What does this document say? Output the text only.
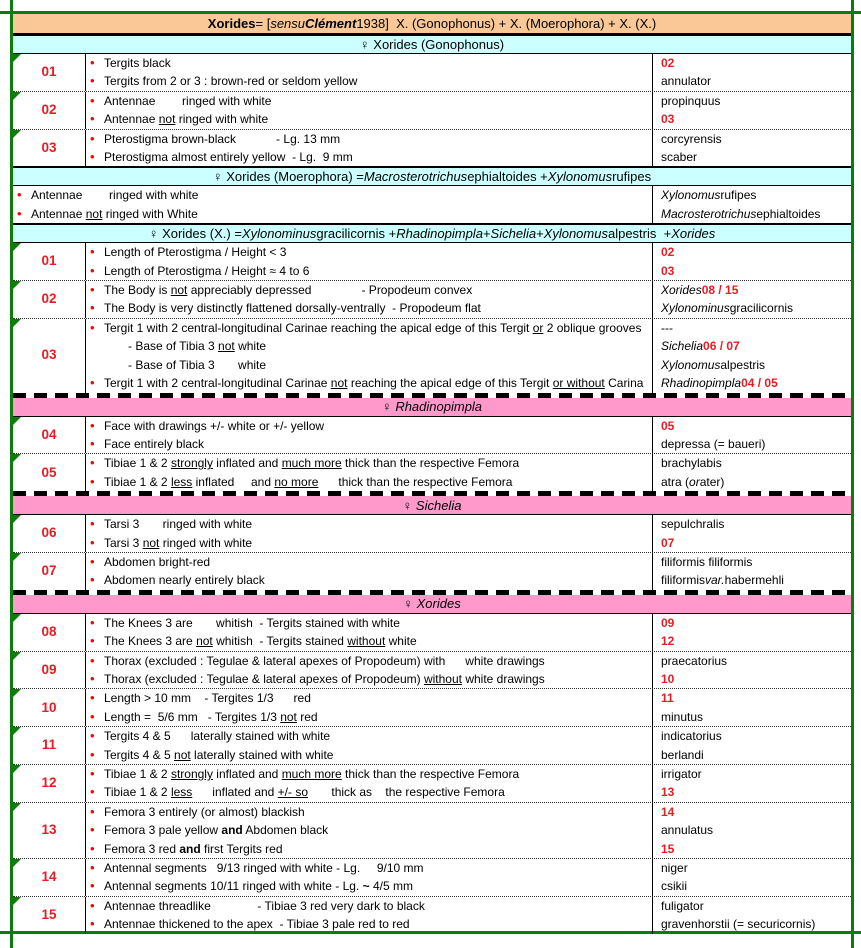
Xorides = [ sensu Clément 1938]  X. (Gonophonus) + X. (Moerophora) + X. (X.)
♀ Xorides (Gonophonus)
01
• Tergits black
• Tergits from 2 or 3 : brown-red or seldom yellow
02
annulator
02
• Antennae        ringed with white
• Antennae not ringed with white
propinquus
03
03
• Pterostigma brown-black            - Lg. 13 mm
• Pterostigma almost entirely yellow  - Lg.  9 mm
corcyrensis
scaber
♀ Xorides (Moerophora) = Macrosterotrichus ephialtoides + Xylonomus rufipes
• Antennae        ringed with white
• Antennae not ringed with White
Xylonomus rufipes
Macrosterotrichus ephialtoides
♀ Xorides (X.) = Xylonominus gracilicornis + Rhadinopimpla + Sichelia + Xylonomus alpestris  + Xorides
01
• Length of Pterostigma / Height < 3
• Length of Pterostigma / Height ≈ 4 to 6
02
03
02
• The Body is not appreciably depressed               - Propodeum convex
• The Body is very distinctly flattened dorsally-ventrally  - Propodeum flat
Xorides 08 / 15
Xylonominus gracilicornis
03
• Tergit 1 with 2 central-longitudinal Carinae reaching the apical edge of this Tergit or 2 oblique grooves
- Base of Tibia 3 not white
- Base of Tibia 3       white
• Tergit 1 with 2 central-longitudinal Carinae not reaching the apical edge of this Tergit or without Carina
---
Sichelia 06 / 07
Xylonomus alpestris
Rhadinopimpla 04 / 05
♀ Rhadinopimpla
04
• Face with drawings +/- white or +/- yellow
• Face entirely black
05
depressa (= baueri)
05
• Tibiae 1 & 2 strongly inflated and much more thick than the respective Femora
• Tibiae 1 & 2 less inflated     and no more      thick than the respective Femora
brachylabis
atra ( or ater)
♀ Sichelia
06
• Tarsi 3       ringed with white
• Tarsi 3 not ringed with white
sepulchralis
07
07
• Abdomen bright-red
• Abdomen nearly entirely black
filiformis filiformis
filiformis var. habermehli
♀ Xorides
08
• The Knees 3 are       whitish  - Tergits stained with white
• The Knees 3 are not whitish  - Tergits stained without white
09
12
09
• Thorax (excluded : Tegulae & lateral apexes of Propodeum) with      white drawings
• Thorax (excluded : Tegulae & lateral apexes of Propodeum) without white drawings
praecatorius
10
10
• Length > 10 mm    - Tergites 1/3      red
• Length =  5/6 mm   - Tergites 1/3 not red
11
minutus
11
• Tergits 4 & 5      laterally stained with white
• Tergits 4 & 5 not laterally stained with white
indicatorius
berlandi
12
• Tibiae 1 & 2 strongly inflated and much more thick than the respective Femora
• Tibiae 1 & 2 less      inflated and +/- so       thick as    the respective Femora
irrigator
13
13
• Femora 3 entirely (or almost) blackish
• Femora 3 pale yellow and Abdomen black
• Femora 3 red and first Tergits red
14
annulatus
15
14
• Antennal segments   9/13 ringed with white - Lg.     9/10 mm
• Antennal segments 10/11 ringed with white - Lg. ~ 4/5 mm
niger
csikii
15
• Antennae threadlike              - Tibiae 3 red very dark to black
• Antennae thickened to the apex  - Tibiae 3 pale red to red
fuligator
gravenhorstii (= securicornis)
